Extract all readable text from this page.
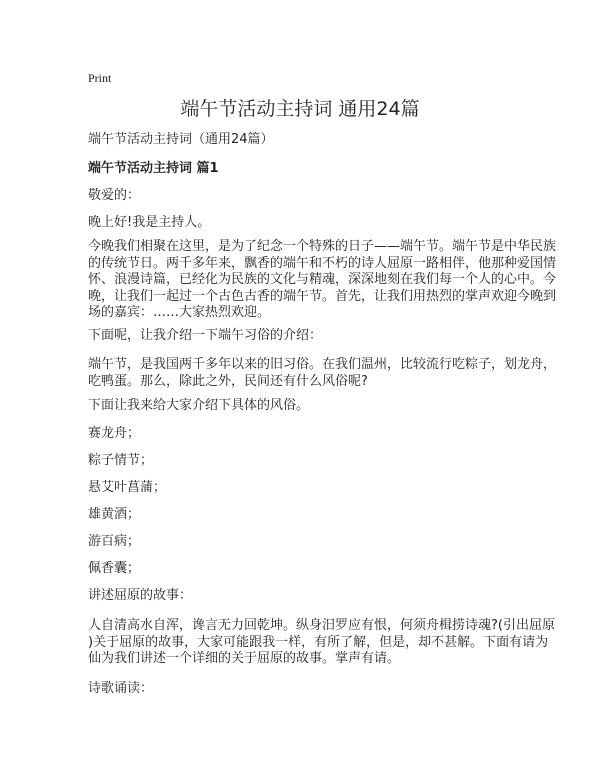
Print
端午节活动主持词 通用24篇
端午节活动主持词（通用24篇）
端午节活动主持词 篇1
敬爱的：
晚上好!我是主持人。
今晚我们相聚在这里，是为了纪念一个特殊的日子——端午节。端午节是中华民族
的传统节日。两千多年来，飘香的端午和不朽的诗人屈原一路相伴，他那种爱国情
怀、浪漫诗篇，已经化为民族的文化与精魂，深深地刻在我们每一个人的心中。今
晚，让我们一起过一个古色古香的端午节。首先，让我们用热烈的掌声欢迎今晚到
场的嘉宾：……大家热烈欢迎。
下面呢，让我介绍一下端午习俗的介绍：
端午节，是我国两千多年以来的旧习俗。在我们温州，比较流行吃粽子，划龙舟，
吃鸭蛋。那么，除此之外，民间还有什么风俗呢?
下面让我来给大家介绍下具体的风俗。
赛龙舟；
粽子情节；
悬艾叶菖蒲；
雄黄酒；
游百病；
佩香囊；
讲述屈原的故事：
人自清高水自浑，谗言无力回乾坤。纵身汨罗应有恨，何须舟楫捞诗魂?(引出屈原
)关于屈原的故事，大家可能跟我一样，有所了解，但是，却不甚解。下面有请为
仙为我们讲述一个详细的关于屈原的故事。掌声有请。
诗歌诵读：
